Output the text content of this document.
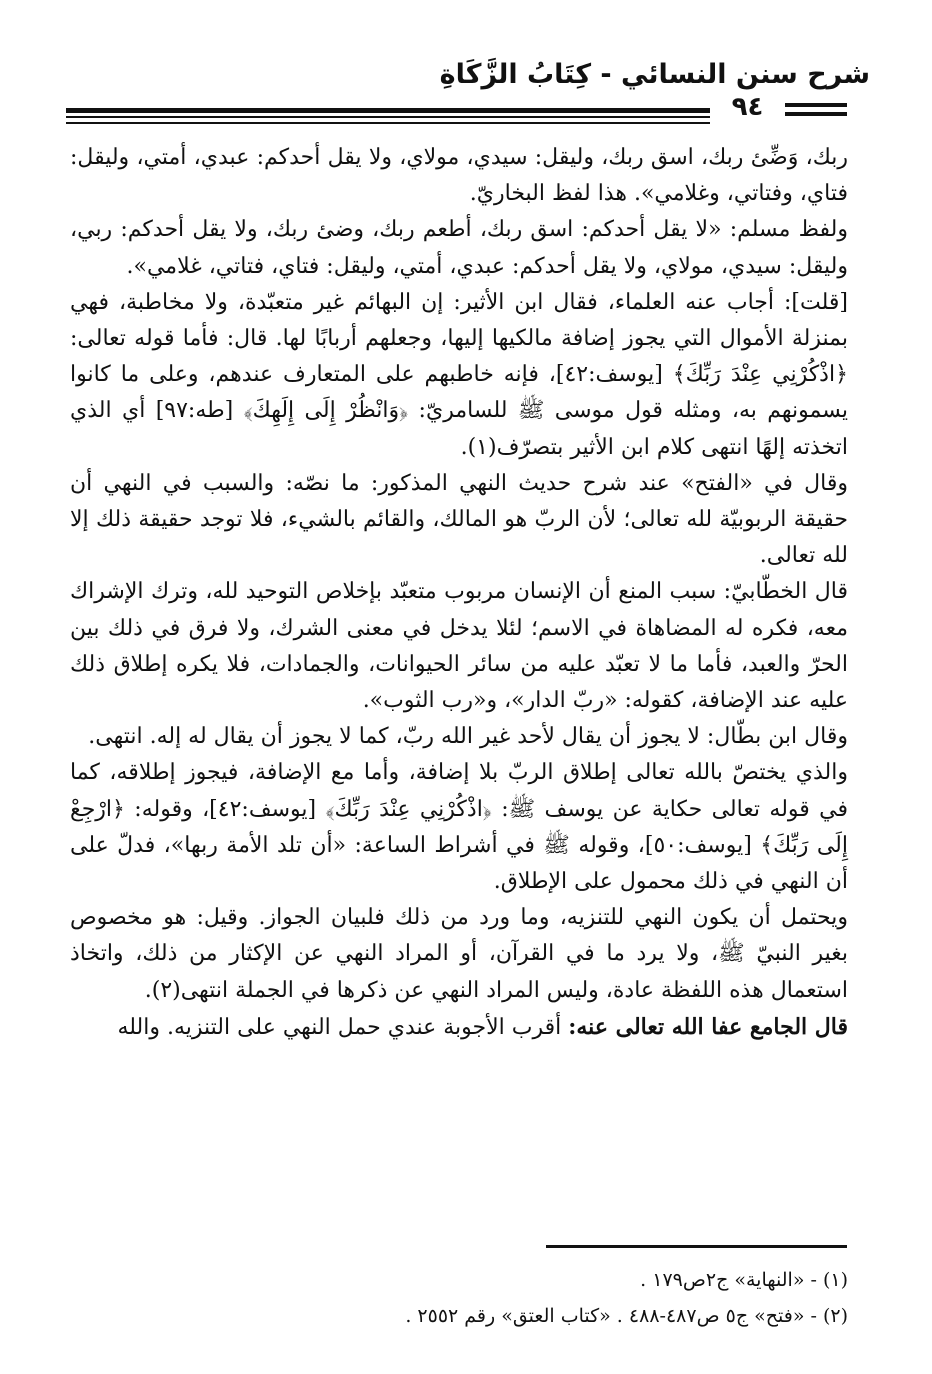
شرح سنن النسائي - كِتَابُ الزَّكَاةِ
٩٤

ربك، وَضِّئ ربك، اسق ربك، وليقل: سيدي، مولاي، ولا يقل أحدكم: عبدي، أمتي، وليقل: فتاي، وفتاتي، وغلامي». هذا لفظ البخاريّ.

ولفظ مسلم: «لا يقل أحدكم: اسق ربك، أطعم ربك، وضئ ربك، ولا يقل أحدكم: ربي، وليقل: سيدي، مولاي، ولا يقل أحدكم: عبدي، أمتي، وليقل: فتاي، فتاتي، غلامي».

[قلت]: أجاب عنه العلماء، فقال ابن الأثير: إن البهائم غير متعبّدة، ولا مخاطبة، فهي بمنزلة الأموال التي يجوز إضافة مالكيها إليها، وجعلهم أربابًا لها. قال: فأما قوله تعالى: ﴿اذْكُرْنِي عِنْدَ رَبِّكَ﴾ [يوسف:٤٢]، فإنه خاطبهم على المتعارف عندهم، وعلى ما كانوا يسمونهم به، ومثله قول موسى ﷺ للسامريّ: ﴿وَانْظُرْ إِلَى إِلَهِكَ﴾ [طه:٩٧] أي الذي اتخذته إلهًا انتهى كلام ابن الأثير بتصرّف(١).

وقال في «الفتح» عند شرح حديث النهي المذكور: ما نصّه: والسبب في النهي أن حقيقة الربوبيّة لله تعالى؛ لأن الربّ هو المالك، والقائم بالشيء، فلا توجد حقيقة ذلك إلا لله تعالى.

قال الخطّابيّ: سبب المنع أن الإنسان مربوب متعبّد بإخلاص التوحيد لله، وترك الإشراك معه، فكره له المضاهاة في الاسم؛ لئلا يدخل في معنى الشرك، ولا فرق في ذلك بين الحرّ والعبد، فأما ما لا تعبّد عليه من سائر الحيوانات، والجمادات، فلا يكره إطلاق ذلك عليه عند الإضافة، كقوله: «ربّ الدار»، و«رب الثوب».

وقال ابن بطّال: لا يجوز أن يقال لأحد غير الله ربّ، كما لا يجوز أن يقال له إله. انتهى.

والذي يختصّ بالله تعالى إطلاق الربّ بلا إضافة، وأما مع الإضافة، فيجوز إطلاقه، كما في قوله تعالى حكاية عن يوسف ﷺ: ﴿اذْكُرْنِي عِنْدَ رَبِّكَ﴾ [يوسف:٤٢]، وقوله: ﴿ارْجِعْ إِلَى رَبِّكَ﴾ [يوسف:٥٠]، وقوله ﷺ في أشراط الساعة: «أن تلد الأمة ربها»، فدلّ على أن النهي في ذلك محمول على الإطلاق.

ويحتمل أن يكون النهي للتنزيه، وما ورد من ذلك فلبيان الجواز. وقيل: هو مخصوص بغير النبيّ ﷺ، ولا يرد ما في القرآن، أو المراد النهي عن الإكثار من ذلك، واتخاذ استعمال هذه اللفظة عادة، وليس المراد النهي عن ذكرها في الجملة انتهى(٢).

قال الجامع عفا الله تعالى عنه: أقرب الأجوبة عندي حمل النهي على التنزيه. والله

(١) - «النهاية» ج٢ص١٧٩ .

(٢) - «فتح» ج٥ ص٤٨٧-٤٨٨ . «كتاب العتق» رقم ٢٥٥٢ .
